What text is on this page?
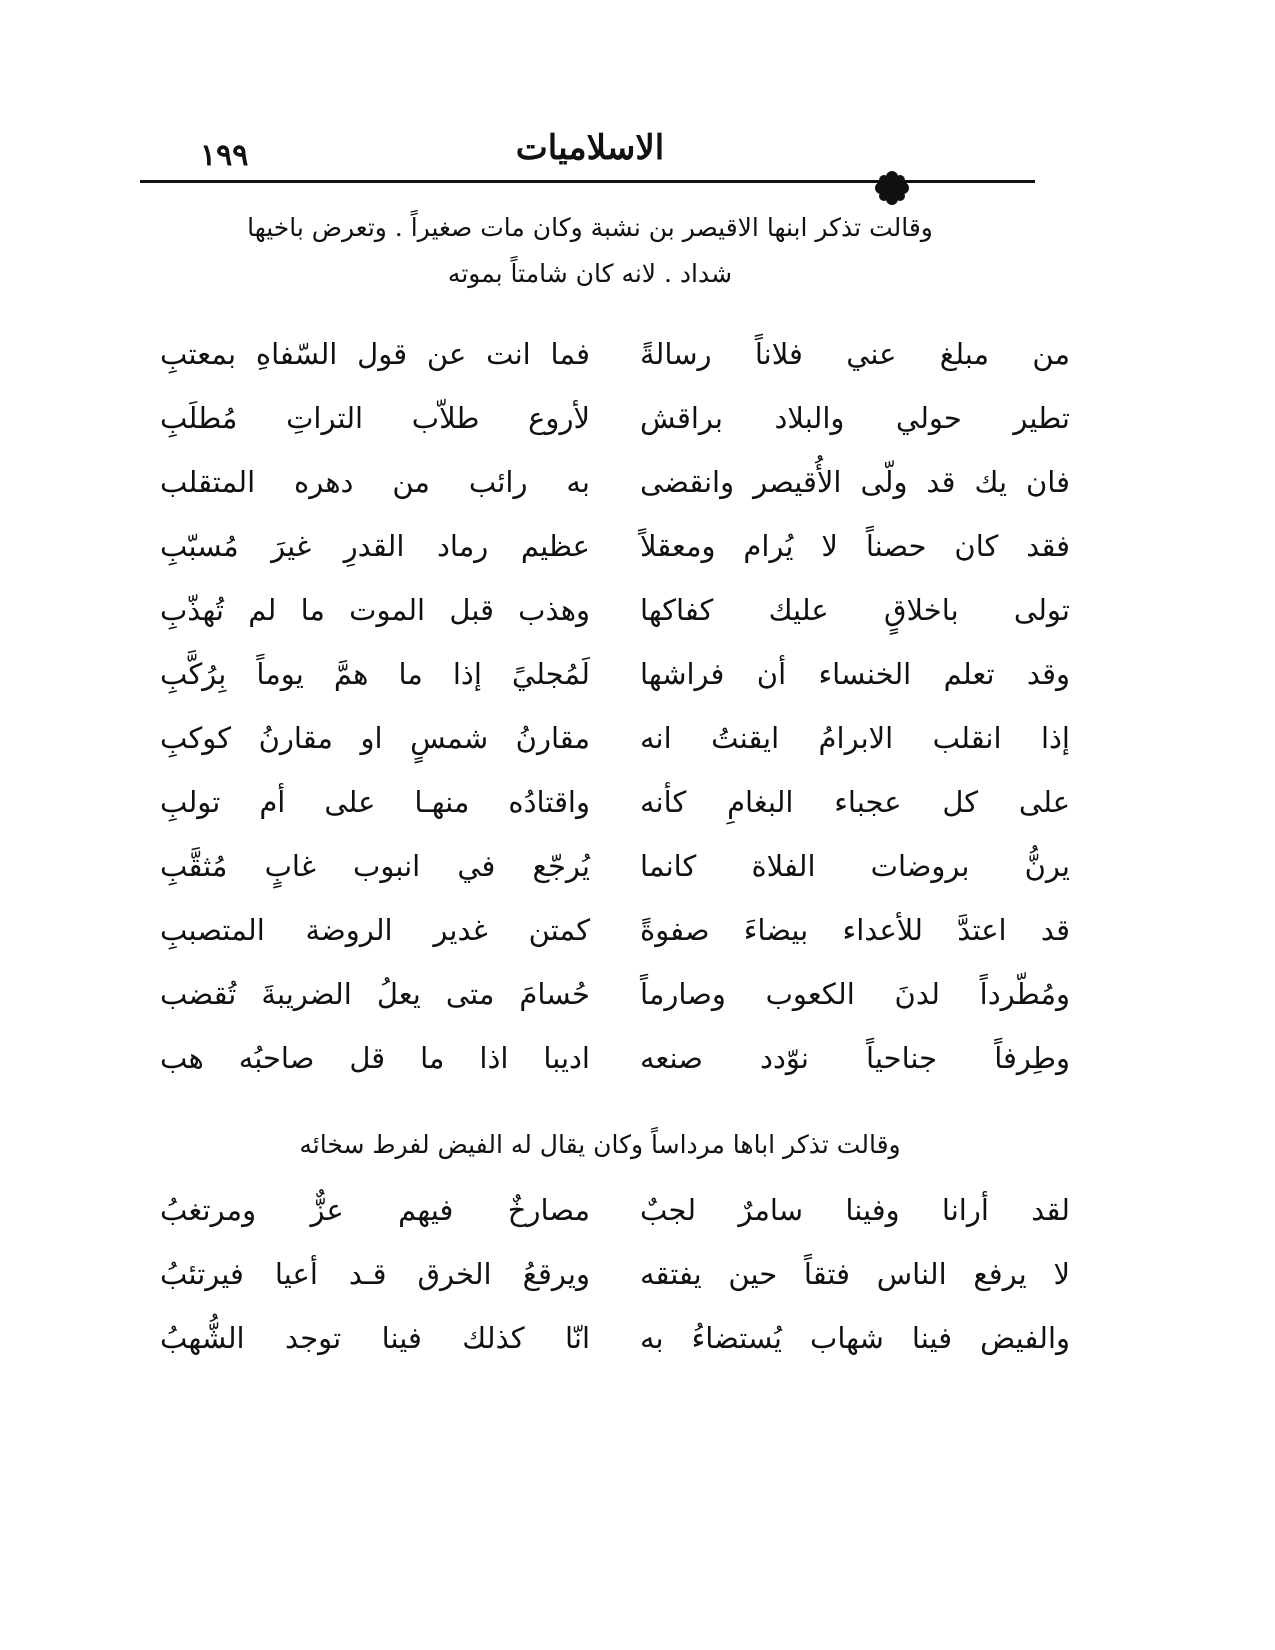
الاسلاميات
١٩٩
وقالت تذكر ابنها الاقيصر بن نشبة وكان مات صغيراً . وتعرض باخيها
شداد . لانه كان شامتاً بموته
من مبلغ عني فلاناً رسالةً
فما انت عن قول السّفاهِ بمعتبِ
تطير حولي والبلاد براقش
لأروع طلاّب التراتِ مُطلَبِ
فان يك قد ولّى الأُقيصر وانقضى
به رائب من دهره المتقلب
فقد كان حصناً لا يُرام ومعقلاً
عظيم رماد القدرِ غيرَ مُسبّبِ
تولى باخلاقٍ عليك كفاكها
وهذب قبل الموت ما لم تُهذّبِ
وقد تعلم الخنساء أن فراشها
لَمُجليً إذا ما همَّ يوماً بِرُكَّبِ
إذا انقلب الابرامُ ايقنتُ انه
مقارنُ شمسٍ او مقارنُ كوكبِ
على كل عجباء البغامِ كأنه
واقتادُه منهـا على أم تولبِ
يرنُّ بروضات الفلاة كانما
يُرجّع في انبوب غابٍ مُثقَّبِ
قد اعتدَّ للأعداء بيضاءَ صفوةً
كمتن غدير الروضة المتصببِ
ومُطّرداً لدنَ الكعوب وصارماً
حُسامَ متى يعلُ الضريبةَ تُقضب
وطِرفاً جناحياً نوّدد صنعه
اديبا اذا ما قل صاحبُه هب
وقالت تذكر اباها مرداساً وكان يقال له الفيض لفرط سخائه
لقد أرانا وفينا سامرٌ لجبٌ
مصارخٌ فيهم عزٌّ ومرتغبُ
لا يرفع الناس فتقاً حين يفتقه
ويرقعُ الخرق قـد أعيا فيرتئبُ
والفيض فينا شهاب يُستضاءُ به
انّا كذلك فينا توجد الشُّهبُ
